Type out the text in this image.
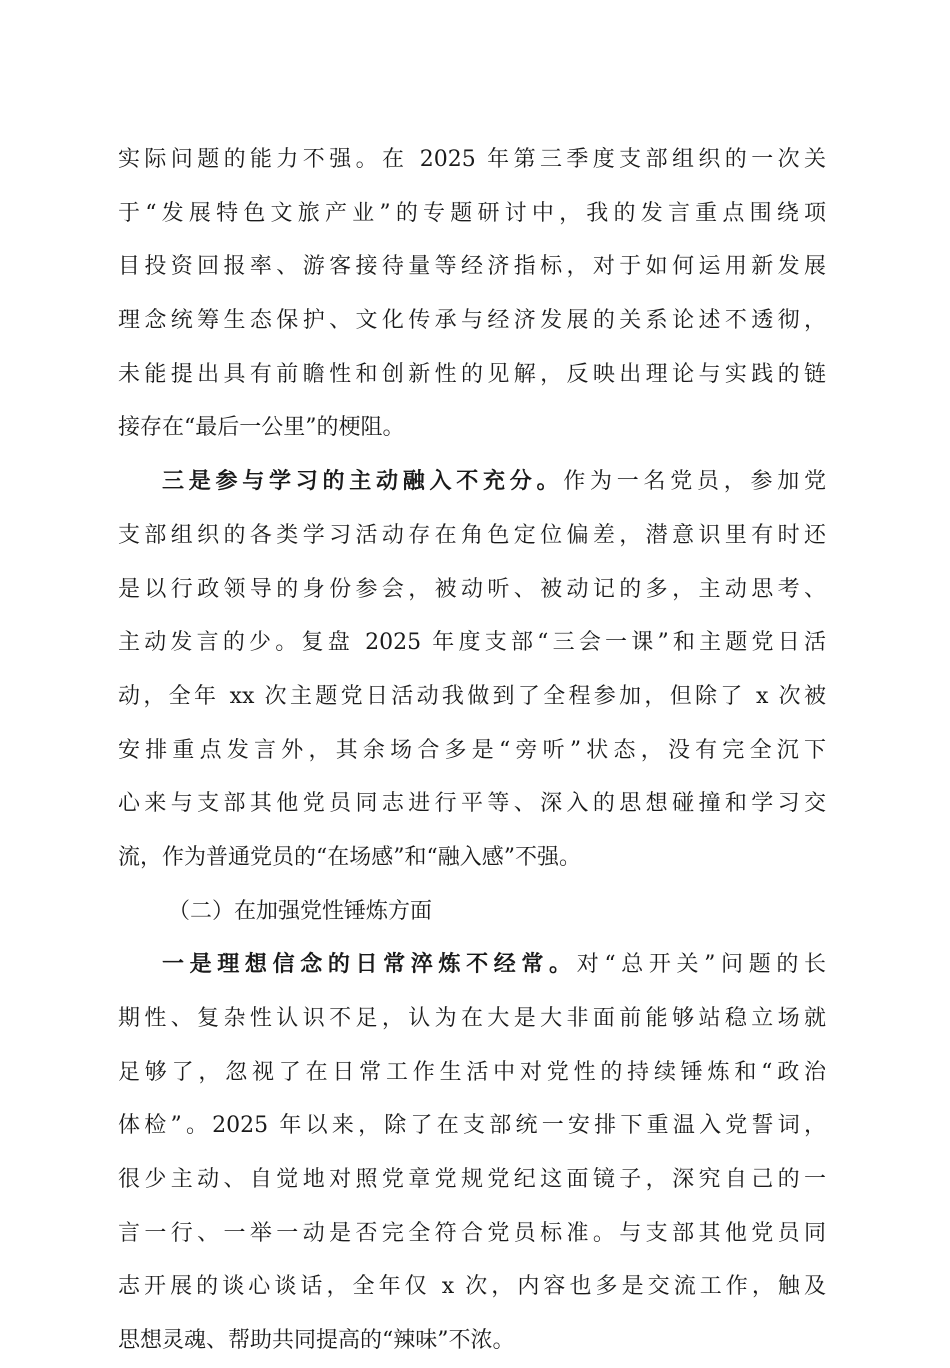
实际问题的能力不强。在 2025 年第三季度支部组织的一次关
于“发展特色文旅产业”的专题研讨中，我的发言重点围绕项
目投资回报率、游客接待量等经济指标，对于如何运用新发展
理念统筹生态保护、文化传承与经济发展的关系论述不透彻，
未能提出具有前瞻性和创新性的见解，反映出理论与实践的链
接存在“最后一公里”的梗阻。
三是参与学习的主动融入不充分。作为一名党员，参加党
支部组织的各类学习活动存在角色定位偏差，潜意识里有时还
是以行政领导的身份参会，被动听、被动记的多，主动思考、
主动发言的少。复盘 2025 年度支部“三会一课”和主题党日活
动，全年 xx 次主题党日活动我做到了全程参加，但除了 x 次被
安排重点发言外，其余场合多是“旁听”状态，没有完全沉下
心来与支部其他党员同志进行平等、深入的思想碰撞和学习交
流，作为普通党员的“在场感”和“融入感”不强。
（二）在加强党性锤炼方面
一是理想信念的日常淬炼不经常。对“总开关”问题的长
期性、复杂性认识不足，认为在大是大非面前能够站稳立场就
足够了，忽视了在日常工作生活中对党性的持续锤炼和“政治
体检”。2025 年以来，除了在支部统一安排下重温入党誓词，
很少主动、自觉地对照党章党规党纪这面镜子，深究自己的一
言一行、一举一动是否完全符合党员标准。与支部其他党员同
志开展的谈心谈话，全年仅 x 次，内容也多是交流工作，触及
思想灵魂、帮助共同提高的“辣味”不浓。
